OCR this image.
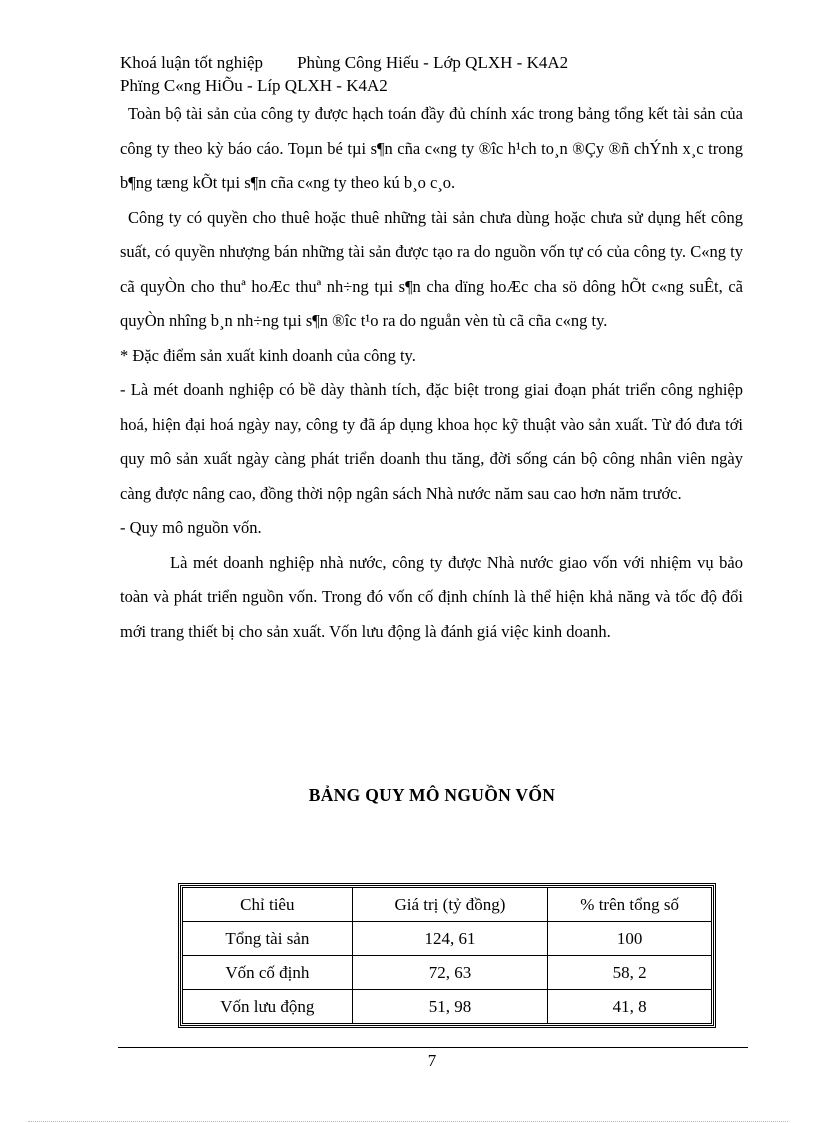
Khoá luận tốt nghiệp Phùng Công Hiếu - Lớp QLXH - K4A2
Phïng C«ng HiÕu - Líp QLXH - K4A2

Toàn bộ tài sản của công ty được hạch toán đầy đủ chính xác trong bảng tổng kết tài sản của công ty theo kỳ báo cáo. Toµn bé tµi s¶n cña c«ng ty ®îc h¹ch to¸n ®Çy ®ñ chÝnh x¸c trong b¶ng tæng kÕt tµi s¶n cña c«ng ty theo kú b¸o c¸o.

Công ty có quyền cho thuê hoặc thuê những tài sản chưa dùng hoặc chưa sử dụng hết công suất, có quyền nhượng bán những tài sản được tạo ra do nguồn vốn tự có của công ty. C«ng ty cã quyÒn cho thuª hoÆc thuª nh÷ng tµi s¶n cha dïng hoÆc cha sö dông hÕt c«ng suÊt, cã quyÒn nhîng b¸n nh÷ng tµi s¶n ®îc t¹o ra do nguån vèn tù cã cña c«ng ty.

* Đặc điểm sản xuất kinh doanh của công ty.

- Là mét doanh nghiệp có bề dày thành tích, đặc biệt trong giai đoạn phát triển công nghiệp hoá, hiện đại hoá ngày nay, công ty đã áp dụng khoa học kỹ thuật vào sản xuất. Từ đó đưa tới quy mô sản xuất ngày càng phát triển doanh thu tăng, đời sống cán bộ công nhân viên ngày càng được nâng cao, đồng thời nộp ngân sách Nhà nước năm sau cao hơn năm trước.

- Quy mô nguồn vốn.

Là mét doanh nghiệp nhà nước, công ty được Nhà nước giao vốn với nhiệm vụ bảo toàn và phát triển nguồn vốn. Trong đó vốn cố định chính là thể hiện khả năng và tốc độ đổi mới trang thiết bị cho sản xuất. Vốn lưu động là đánh giá việc kinh doanh.

BẢNG QUY MÔ NGUỒN VỐN
Chỉ tiêu	Giá trị (tỷ đồng)	% trên tổng số
Tổng tài sản	124, 61	100
Vốn cố định	72, 63	58, 2
Vốn lưu động	51, 98	41, 8
7
